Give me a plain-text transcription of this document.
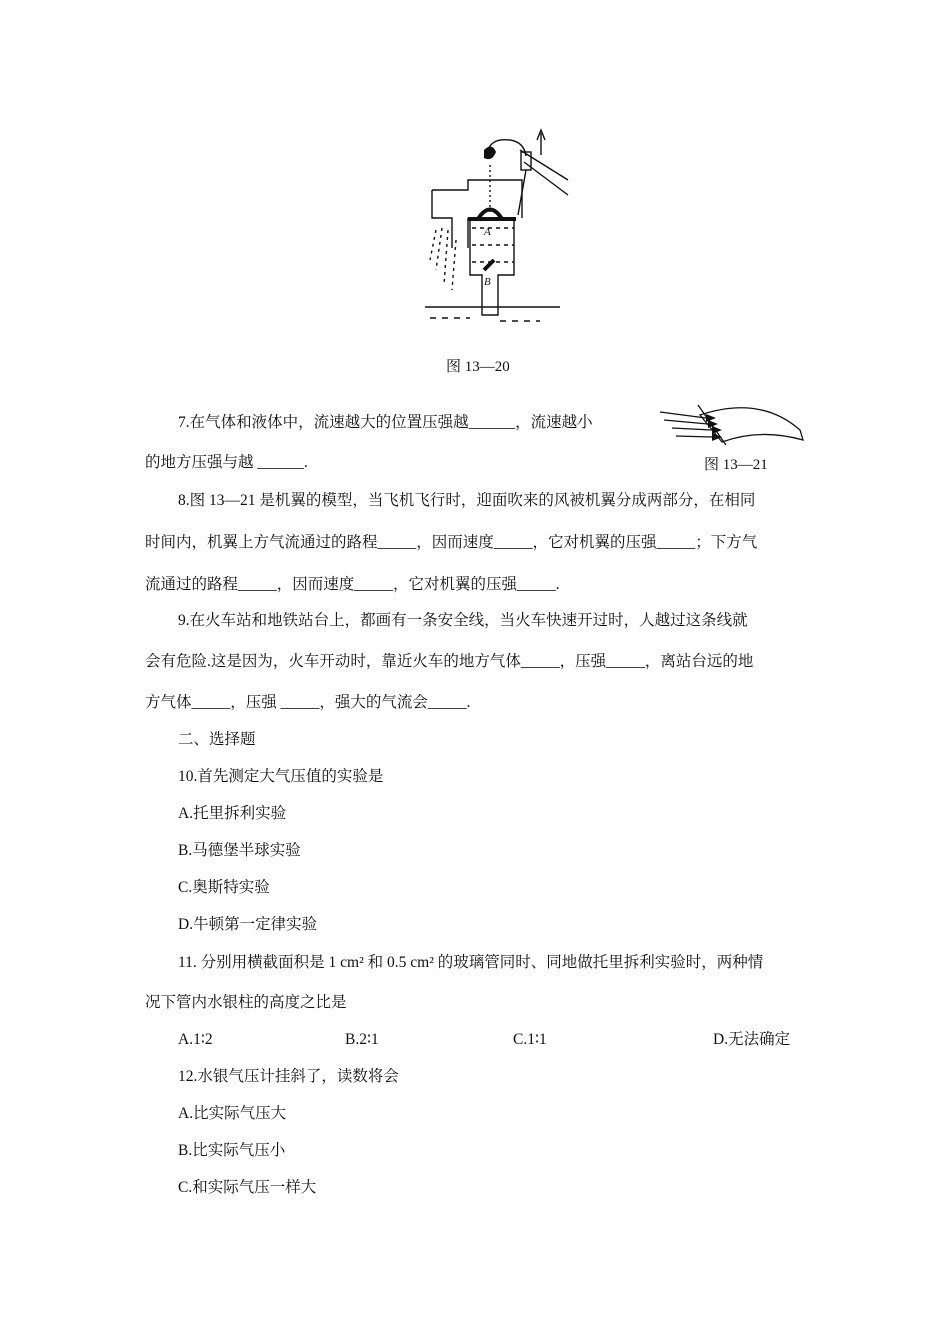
A
B
图 13—20
图 13—21
7.在气体和液体中，流速越大的位置压强越______，流速越小
的地方压强与越 ______.
8.图 13—21 是机翼的模型，当飞机飞行时，迎面吹来的风被机翼分成两部分，在相同
时间内，机翼上方气流通过的路程_____，因而速度_____，它对机翼的压强_____；下方气
流通过的路程_____，因而速度_____，它对机翼的压强_____.
9.在火车站和地铁站台上，都画有一条安全线，当火车快速开过时，人越过这条线就
会有危险.这是因为，火车开动时，靠近火车的地方气体_____，压强_____，离站台远的地
方气体_____，压强 _____，强大的气流会_____.
二、选择题
10.首先测定大气压值的实验是
A.托里拆利实验
B.马德堡半球实验
C.奥斯特实验
D.牛顿第一定律实验
11. 分别用横截面积是 1 cm² 和 0.5 cm² 的玻璃管同时、同地做托里拆利实验时，两种情
况下管内水银柱的高度之比是
A.1∶2	B.2∶1	C.1∶1	D.无法确定
12.水银气压计挂斜了，读数将会
A.比实际气压大
B.比实际气压小
C.和实际气压一样大
